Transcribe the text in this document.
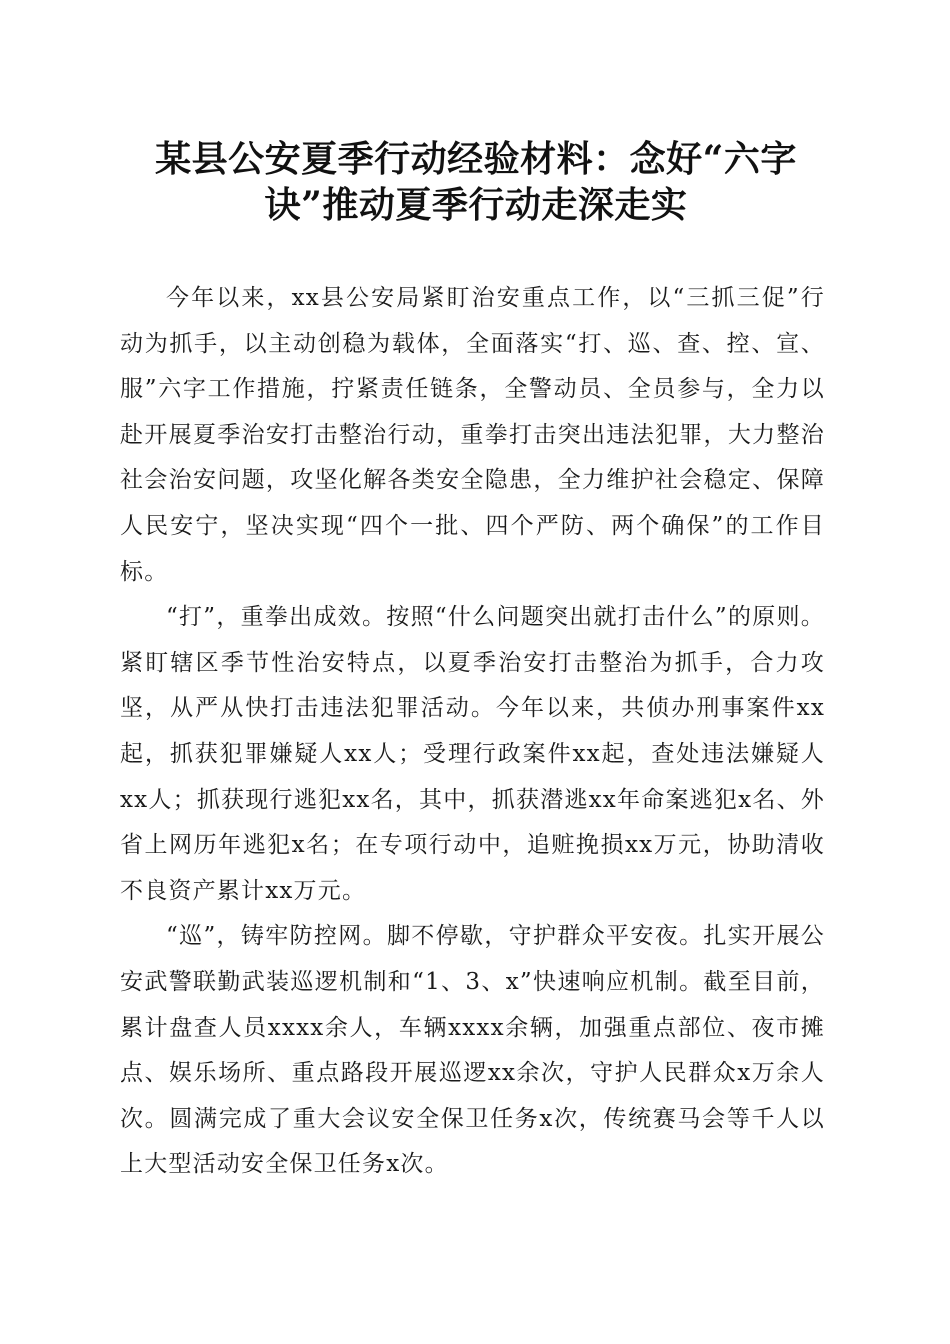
某县公安夏季行动经验材料：念好“六字
诀”推动夏季行动走深走实

今年以来，xx县公安局紧盯治安重点工作，以“三抓三促”行动为抓手，以主动创稳为载体，全面落实“打、巡、查、控、宣、服”六字工作措施，拧紧责任链条，全警动员、全员参与，全力以赴开展夏季治安打击整治行动，重拳打击突出违法犯罪，大力整治社会治安问题，攻坚化解各类安全隐患，全力维护社会稳定、保障人民安宁，坚决实现“四个一批、四个严防、两个确保”的工作目标。

“打”，重拳出成效。按照“什么问题突出就打击什么”的原则。紧盯辖区季节性治安特点，以夏季治安打击整治为抓手，合力攻坚，从严从快打击违法犯罪活动。今年以来，共侦办刑事案件xx起，抓获犯罪嫌疑人xx人；受理行政案件xx起，查处违法嫌疑人xx人；抓获现行逃犯xx名，其中，抓获潜逃xx年命案逃犯x名、外省上网历年逃犯x名；在专项行动中，追赃挽损xx万元，协助清收不良资产累计xx万元。

“巡”，铸牢防控网。脚不停歇，守护群众平安夜。扎实开展公安武警联勤武装巡逻机制和“1、3、x”快速响应机制。截至目前，累计盘查人员xxxx余人，车辆xxxx余辆，加强重点部位、夜市摊点、娱乐场所、重点路段开展巡逻xx余次，守护人民群众x万余人次。圆满完成了重大会议安全保卫任务x次，传统赛马会等千人以上大型活动安全保卫任务x次。
